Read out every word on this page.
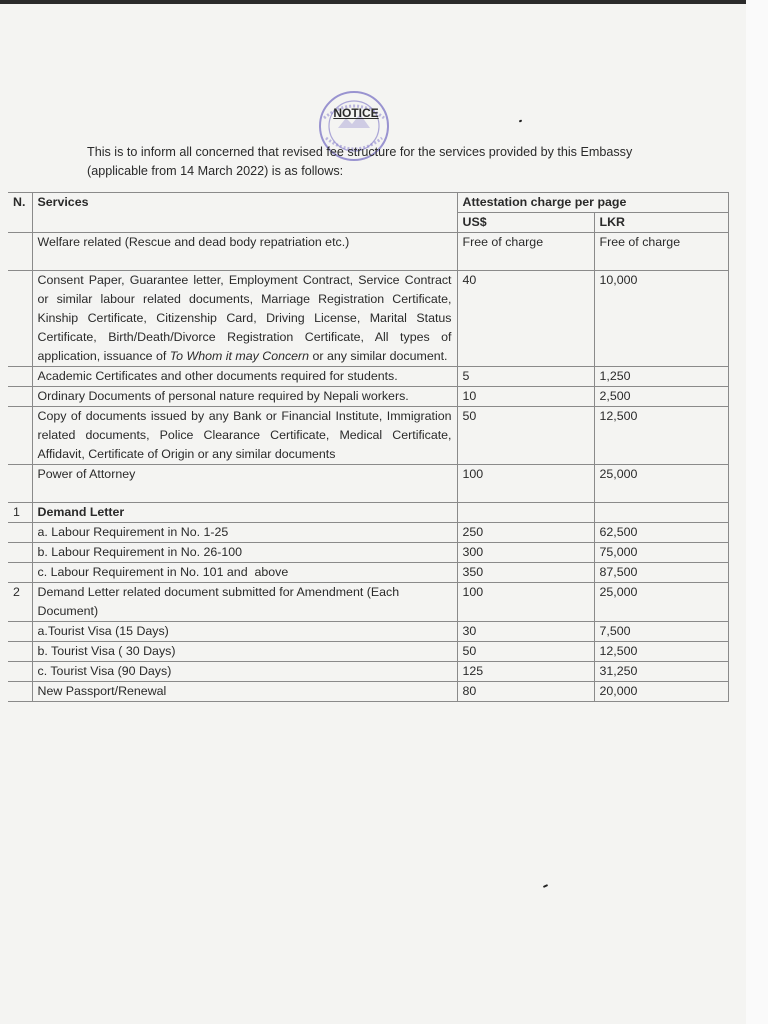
NOTICE
This is to inform all concerned that revised fee structure for the services provided by this Embassy (applicable from 14 March 2022) is as follows:
N.	Services	Attestation charge per page	
		US$	LKR
	Welfare related (Rescue and dead body repatriation etc.)	Free of charge	Free of charge
	Consent Paper, Guarantee letter, Employment Contract, Service Contract or similar labour related documents, Marriage Registration Certificate, Kinship Certificate, Citizenship Card, Driving License, Marital Status Certificate, Birth/Death/Divorce Registration Certificate, All types of application, issuance of To Whom it may Concern or any similar document.	40	10,000
	Academic Certificates and other documents required for students.	5	1,250
	Ordinary Documents of personal nature required by Nepali workers.	10	2,500
	Copy of documents issued by any Bank or Financial Institute, Immigration related documents, Police Clearance Certificate, Medical Certificate, Affidavit, Certificate of Origin or any similar documents	50	12,500
	Power of Attorney	100	25,000
1	Demand Letter		
	a. Labour Requirement in No. 1-25	250	62,500
	b. Labour Requirement in No. 26-100	300	75,000
	c. Labour Requirement in No. 101 and  above	350	87,500
2	Demand Letter related document submitted for Amendment (Each Document)	100	25,000
	a.Tourist Visa (15 Days)	30	7,500
	b. Tourist Visa ( 30 Days)	50	12,500
	c. Tourist Visa (90 Days)	125	31,250
	New Passport/Renewal	80	20,000
